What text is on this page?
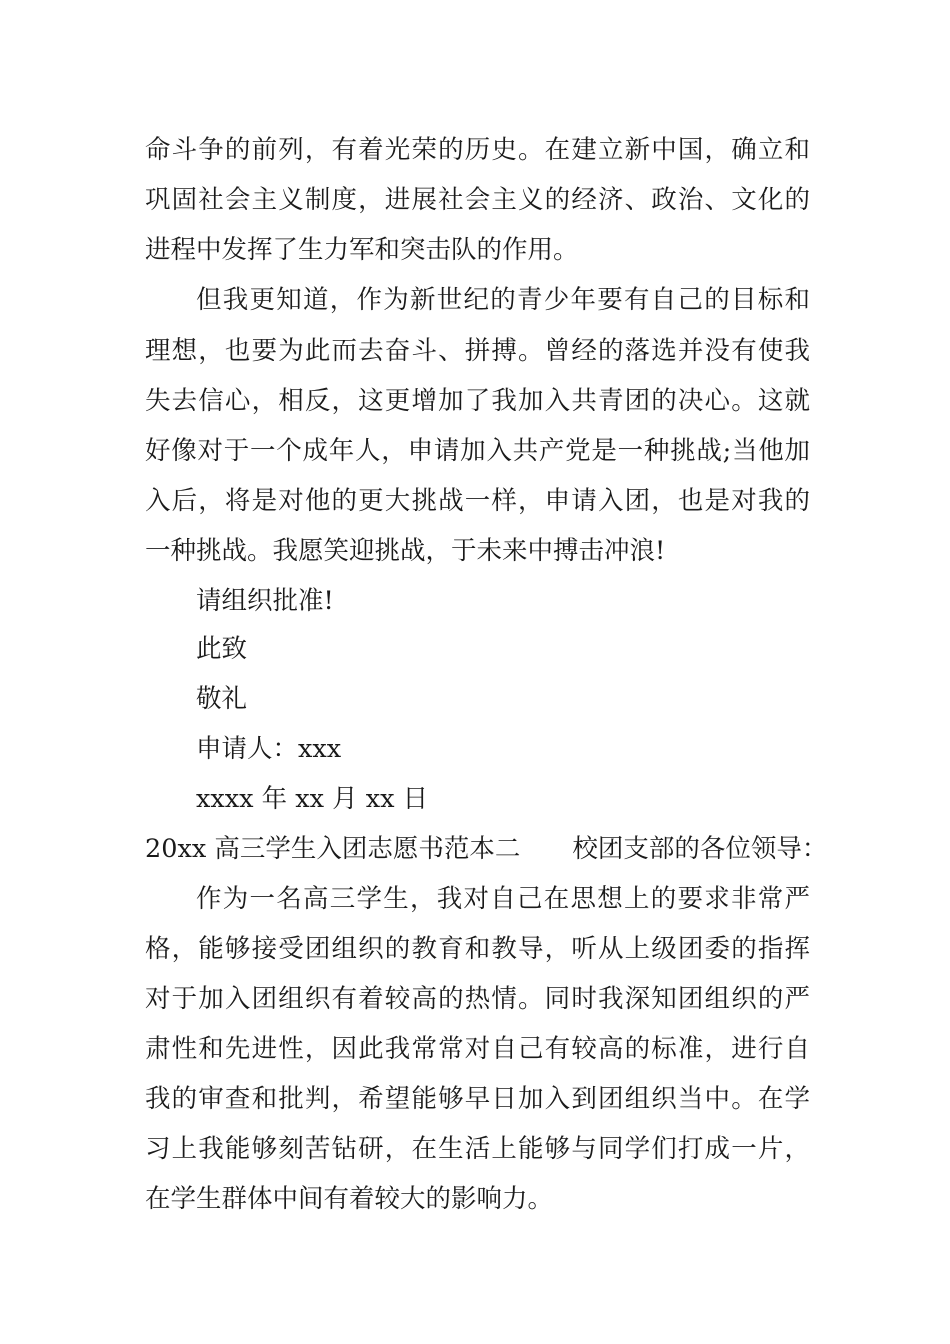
命斗争的前列，有着光荣的历史。在建立新中国，确立和
巩固社会主义制度，进展社会主义的经济、政治、文化的
进程中发挥了生力军和突击队的作用。
但我更知道，作为新世纪的青少年要有自己的目标和
理想，也要为此而去奋斗、拼搏。曾经的落选并没有使我
失去信心，相反，这更增加了我加入共青团的决心。这就
好像对于一个成年人，申请加入共产党是一种挑战;当他加
入后，将是对他的更大挑战一样，申请入团，也是对我的
一种挑战。我愿笑迎挑战，于未来中搏击冲浪!
请组织批准!
此致
敬礼
申请人：xxx
xxxx 年 xx 月 xx 日
20xx 高三学生入团志愿书范本二 校团支部的各位领导：
作为一名高三学生，我对自己在思想上的要求非常严
格，能够接受团组织的教育和教导，听从上级团委的指挥
对于加入团组织有着较高的热情。同时我深知团组织的严
肃性和先进性，因此我常常对自己有较高的标准，进行自
我的审查和批判，希望能够早日加入到团组织当中。在学
习上我能够刻苦钻研，在生活上能够与同学们打成一片，
在学生群体中间有着较大的影响力。
